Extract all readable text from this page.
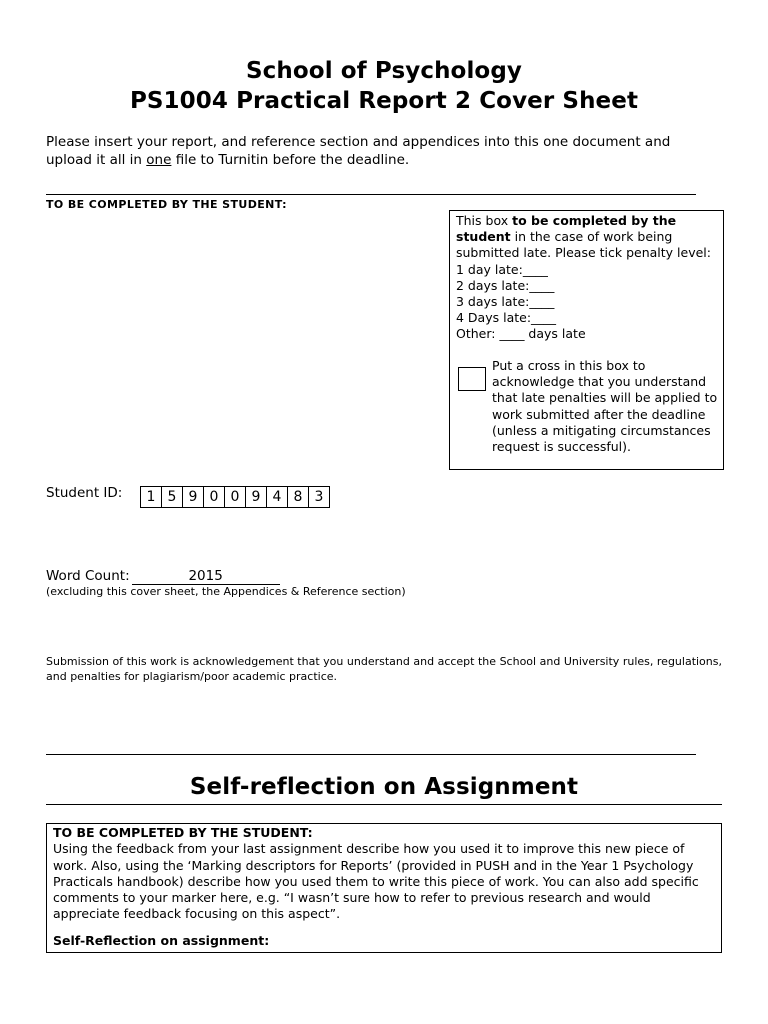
School of Psychology
PS1004 Practical Report 2 Cover Sheet
Please insert your report, and reference section and appendices into this one document and upload it all in one file to Turnitin before the deadline.
TO BE COMPLETED BY THE STUDENT:
This box to be completed by the student in the case of work being submitted late. Please tick penalty level:
1 day late:____
2 days late:____
3 days late:____
4 Days late:____
Other: ____ days late
Put a cross in this box to acknowledge that you understand that late penalties will be applied to work submitted after the deadline (unless a mitigating circumstances request is successful).
Student ID:	1 5 9 0 0 9 4 8 3
Word Count:	2015
(excluding this cover sheet, the Appendices & Reference section)
Submission of this work is acknowledgement that you understand and accept the School and University rules, regulations, and penalties for plagiarism/poor academic practice.
Self-reflection on Assignment
TO BE COMPLETED BY THE STUDENT:
Using the feedback from your last assignment describe how you used it to improve this new piece of work. Also, using the ‘Marking descriptors for Reports’ (provided in PUSH and in the Year 1 Psychology Practicals handbook) describe how you used them to write this piece of work. You can also add specific comments to your marker here, e.g. “I wasn’t sure how to refer to previous research and would appreciate feedback focusing on this aspect”.
Self-Reflection on assignment:
